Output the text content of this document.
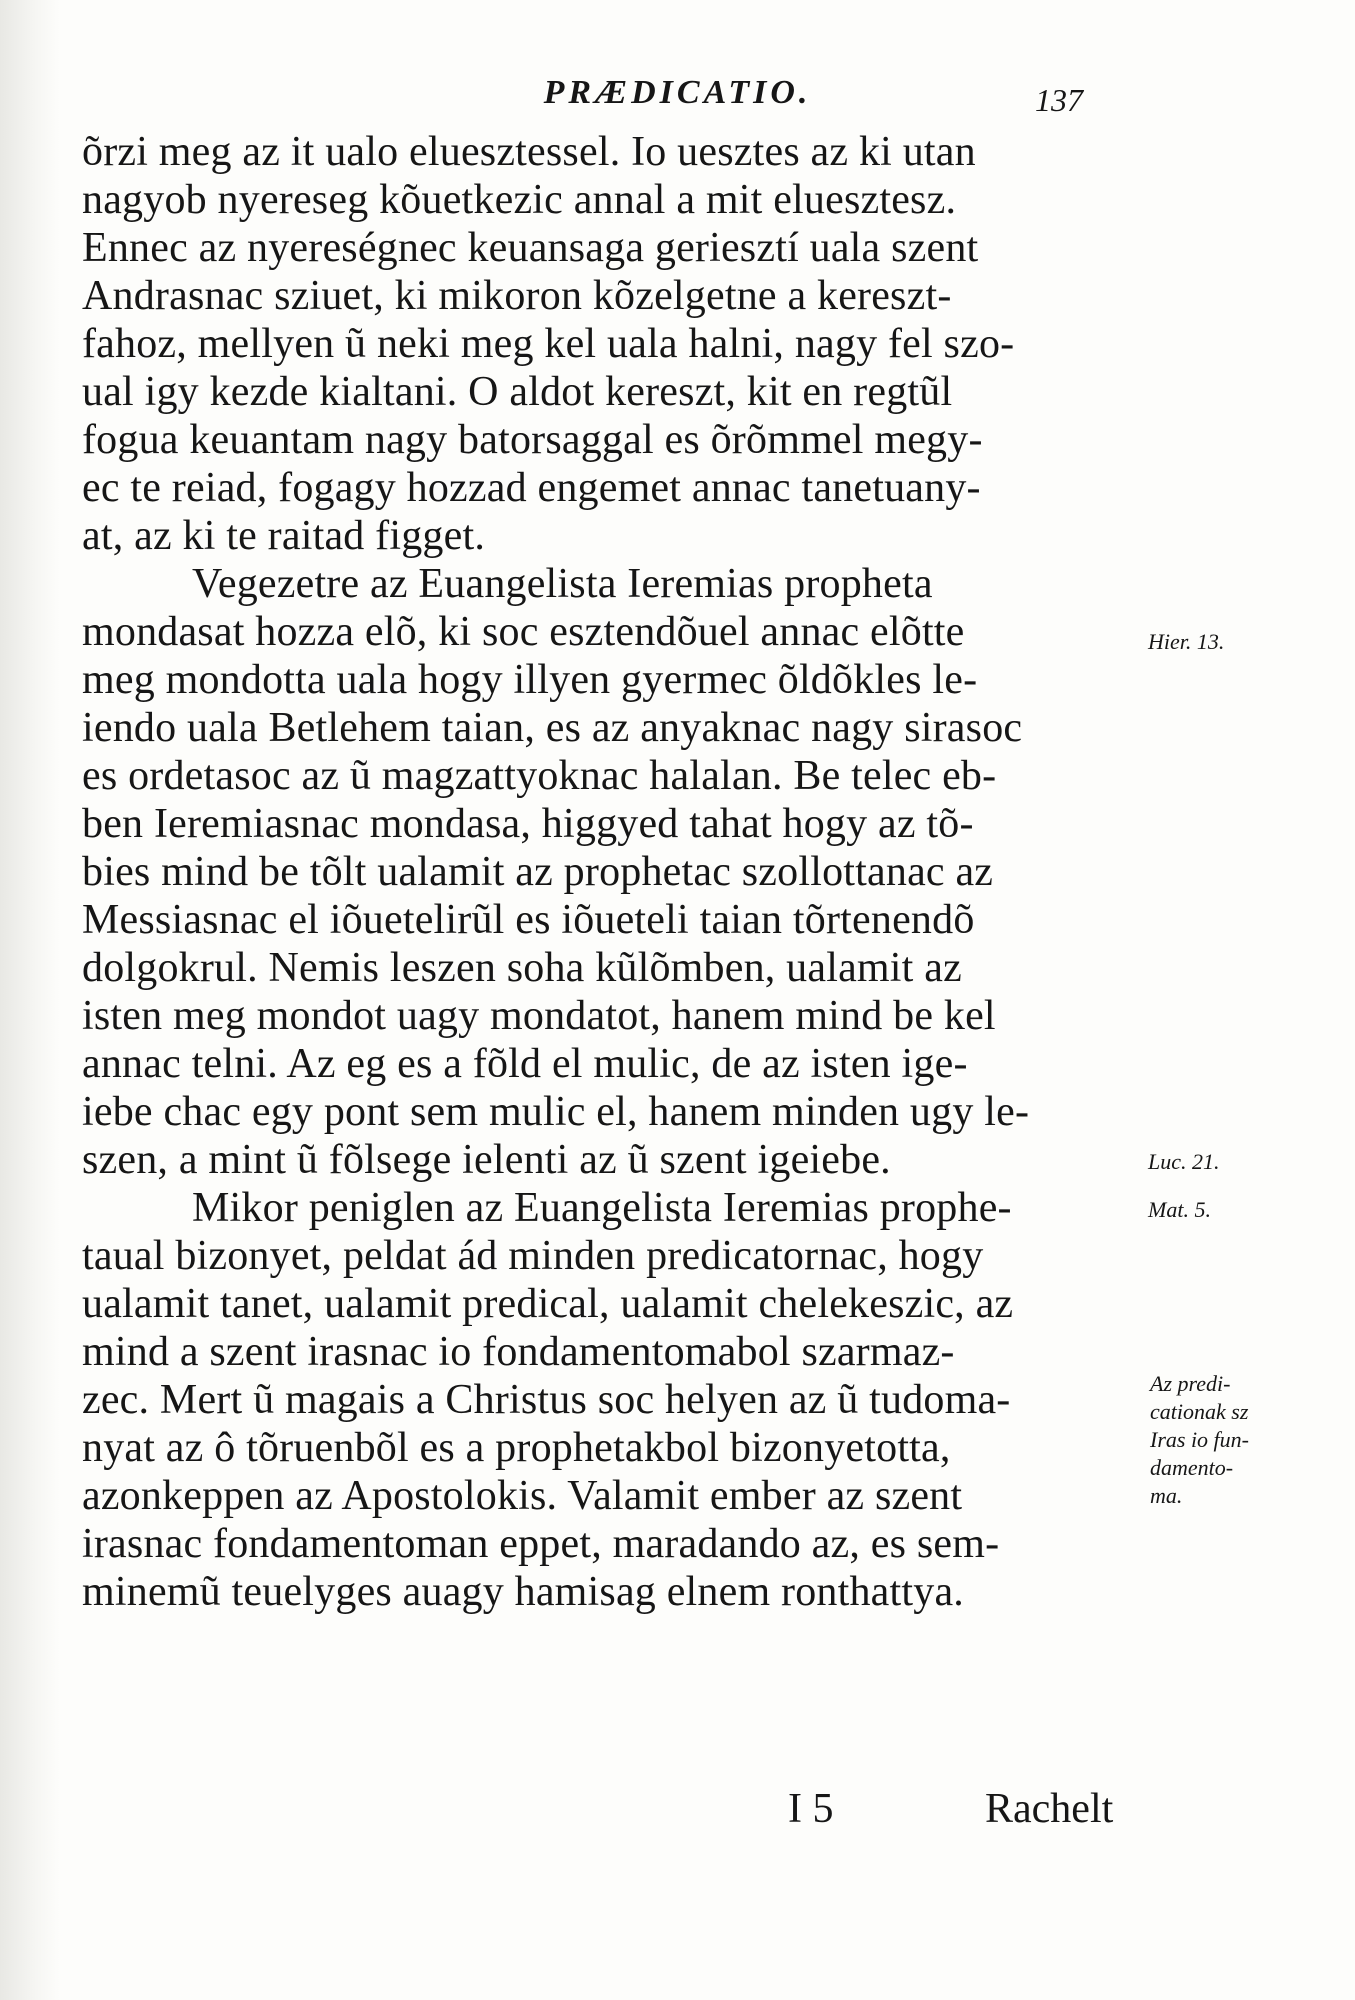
PRÆDICATIO.	137
õrzi meg az it ualo eluesztessel. Io uesztes az ki utan
nagyob nyereseg kõuetkezic annal a mit eluesztesz.
Ennec az nyereségnec keuansaga geriesztí uala szent
Andrasnac sziuet, ki mikoron kõzelgetne a kereszt-
fahoz, mellyen ũ neki meg kel uala halni, nagy fel szo-
ual igy kezde kialtani. O aldot kereszt, kit en regtũl
fogua keuantam nagy batorsaggal es õrõmmel megy-
ec te reiad, fogagy hozzad engemet annac tanetuany-
at, az ki te raitad figget.
Vegezetre az Euangelista Ieremias propheta
mondasat hozza elõ, ki soc esztendõuel annac elõtte
meg mondotta uala hogy illyen gyermec õldõkles le-
iendo uala Betlehem taian, es az anyaknac nagy sirasoc
es ordetasoc az ũ magzattyoknac halalan. Be telec eb-
ben Ieremiasnac mondasa, higgyed tahat hogy az tõ-
bies mind be tõlt ualamit az prophetac szollottanac az
Messiasnac el iõuetelirũl es iõueteli taian tõrtenendõ
dolgokrul. Nemis leszen soha kũlõmben, ualamit az
isten meg mondot uagy mondatot, hanem mind be kel
annac telni. Az eg es a fõld el mulic, de az isten ige-
iebe chac egy pont sem mulic el, hanem minden ugy le-
szen, a mint ũ fõlsege ielenti az ũ szent igeiebe.
Mikor peniglen az Euangelista Ieremias prophe-
taual bizonyet, peldat ád minden predicatornac, hogy
ualamit tanet, ualamit predical, ualamit chelekeszic, az
mind a szent irasnac io fondamentomabol szarmaz-
zec. Mert ũ magais a Christus soc helyen az ũ tudoma-
nyat az ô tõruenbõl es a prophetakbol bizonyetotta,
azonkeppen az Apostolokis. Valamit ember az szent
irasnac fondamentoman eppet, maradando az, es sem-
minemũ teuelyges auagy hamisag elnem ronthattya.
Hier. 13.
Luc. 21.
Mat. 5.
Az predi-
cationak sz
Iras io fun-
damento-
ma.
I 5	Rachelt
